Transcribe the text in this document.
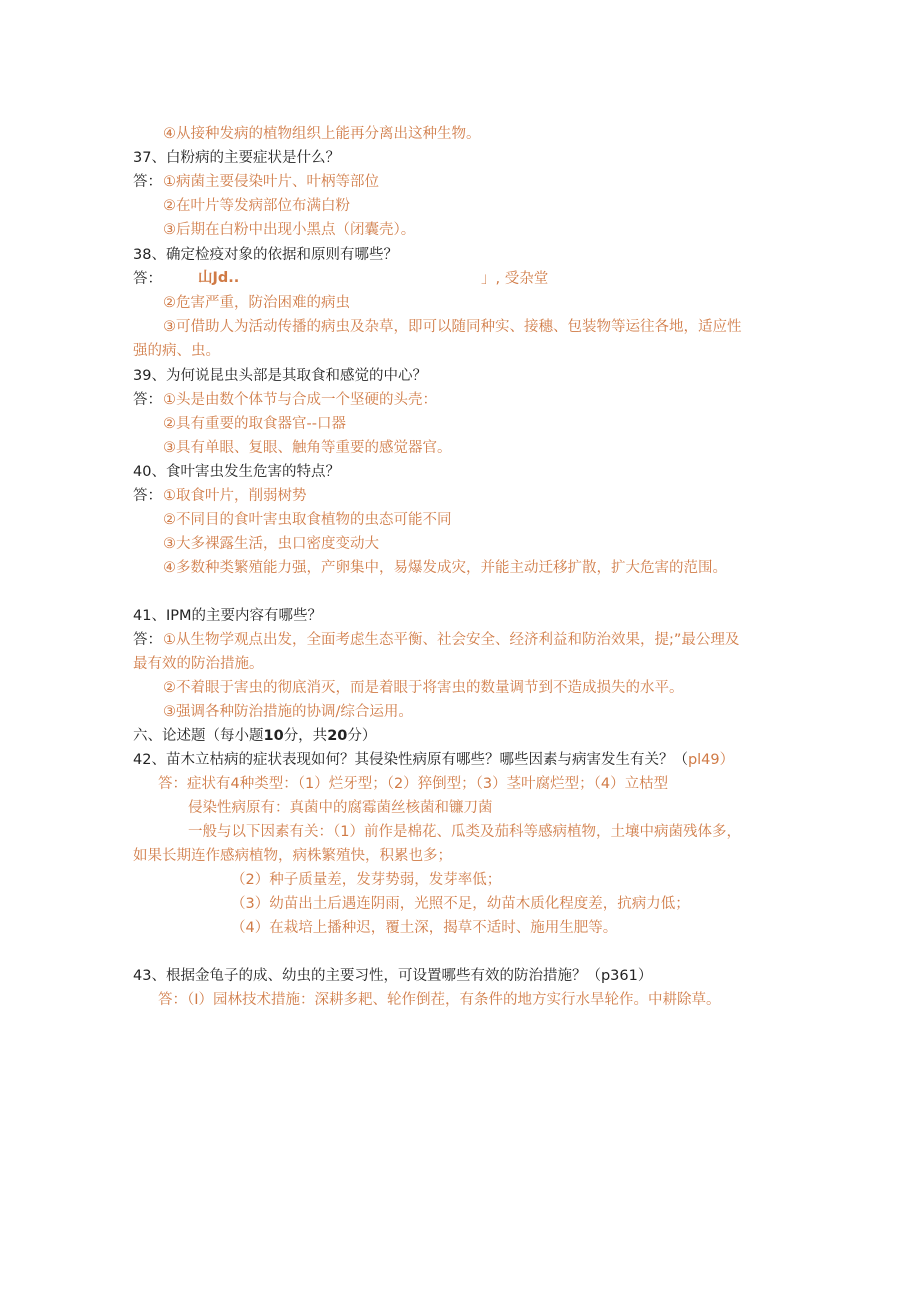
④从接种发病的植物组织上能再分离出这种生物。
37、白粉病的主要症状是什么？
答： ①病菌主要侵染叶片、叶柄等部位
②在叶片等发病部位布满白粉
③后期在白粉中出现小黑点（闭囊壳）。
38、确定检疫对象的依据和原则有哪些？
答： 山Jd..	」, 受杂堂
②危害严重，防治困难的病虫
③可借助人为活动传播的病虫及杂草，即可以随同种实、接穗、包装物等运往各地，适应性
强的病、虫。
39、为何说昆虫头部是其取食和感觉的中心？
答： ①头是由数个体节与合成一个坚硬的头壳：
②具有重要的取食器官--口器
③具有单眼、复眼、触角等重要的感觉器官。
40、食叶害虫发生危害的特点？
答： ①取食叶片，削弱树势
②不同目的食叶害虫取食植物的虫态可能不同
③大多裸露生活，虫口密度变动大
④多数种类繁殖能力强，产卵集中，易爆发成灾，并能主动迁移扩散，扩大危害的范围。
41、IPM的主要内容有哪些？
答： ①从生物学观点出发，全面考虑生态平衡、社会安全、经济利益和防治效果，提;”最公理及
最有效的防治措施。
②不着眼于害虫的彻底消灭，而是着眼于将害虫的数量调节到不造成损失的水平。
③强调各种防治措施的协调/综合运用。
六、论述题（每小题10分，共20分）
42、苗木立枯病的症状表现如何？其侵染性病原有哪些？哪些因素与病害发生有关？（pl49）
答：症状有4种类型：（1）烂牙型；（2）猝倒型；（3）茎叶腐烂型；（4）立枯型
侵染性病原有：真菌中的腐霉菌丝核菌和镰刀菌
一般与以下因素有关：（1）前作是棉花、瓜类及茄科等感病植物，土壤中病菌残体多，
如果长期连作感病植物，病株繁殖快，积累也多；
（2）种子质量差，发芽势弱，发芽率低；
（3）幼苗出土后遇连阴雨，光照不足，幼苗木质化程度差，抗病力低；
（4）在栽培上播种迟，覆土深，揭草不适时、施用生肥等。
43、根据金龟子的成、幼虫的主要习性，可设置哪些有效的防治措施？（p361）
答：（I）园林技术措施：深耕多耙、轮作倒茬，有条件的地方实行水旱轮作。中耕除草。
